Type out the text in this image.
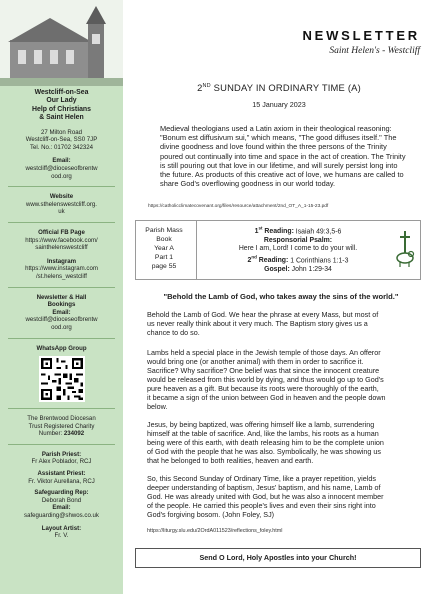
Westcliff-on-Sea
Our Lady
Help of Christians
& Saint Helen
27 Milton Road
Westcliff-on-Sea, SS0 7JP
Tel. No.: 01702 342324
Email:
westcliff@dioceseofbrentw
ood.org
Website
www.sthelenswestcliff.org.
uk
Official FB Page
https://www.facebook.com/
sainthelenswestcliff
Instagram
https://www.instagram.com
/st.helens_westcliff
Newsletter & Hall
Bookings
Email:
westcliff@dioceseofbrentw
ood.org
WhatsApp Group
The Brentwood Diocesan
Trust Registered Charity
Number: 234092
Parish Priest:
Fr Alex Poblador, RCJ
Assistant Priest:
Fr. Viktor Aurellana, RCJ
Safeguarding Rep:
Deborah Bond
Email:
safeguarding@shwos.co.uk
Layout Artist:
Fr. V.
NEWSLETTER
Saint Helen's - Westcliff
2ND SUNDAY IN ORDINARY TIME (A)
15 January 2023
Medieval theologians used a Latin axiom in their theological reasoning:
"Bonum est diffusivum sui," which means, "The good diffuses itself." The
divine goodness and love found within the three persons of the Trinity
poured out continually into time and space in the act of creation. The Trinity
is still pouring out that love in our lifetime, and will surely persist long into
the future. As products of this creative act of love, we humans are called to
share God's overflowing goodness in our world today.
https://catholicclimatecovenant.org/files/resource/attachment/2nd_OT_A_1-15-23.pdf
Parish Mass
Book
Year A
Part 1
page 55
1st Reading: Isaiah 49:3,5-6
Responsorial Psalm:
Here I am, Lord! I come to do your will.
2nd Reading: 1 Corinthians 1:1-3
Gospel: John 1:29-34
"Behold the Lamb of God, who takes away the sins of the world."
Behold the Lamb of God. We hear the phrase at every Mass, but most of
us never really think about it very much. The Baptism story gives us a
chance to do so.
Lambs held a special place in the Jewish temple of those days. An offeror
would bring one (or another animal) with them in order to sacrifice it.
Sacrifice? Why sacrifice? One belief was that since the innocent creature
would be released from this world by dying, and thus would go up to God's
pure heaven as a gift. But because its roots were thoroughly of the earth,
it became a sign of the union between God in heaven and the people down
below.
Jesus, by being baptized, was offering himself like a lamb, surrendering
himself at the table of sacrifice. And, like the lambs, his roots as a human
being were of this earth, with death releasing him to be the complete union
of God with the people that he was also. Symbolically, he was showing us
that he belonged to both realities, heaven and earth.
So, this Second Sunday of Ordinary Time, like a prayer repetition, yields
deeper understanding of baptism, Jesus' baptism, and his name, Lamb of
God. He was already united with God, but he was also a innocent member
of the people. He carried this people's lives and even their sins right into
God's forgiving bosom. (John Foley, SJ)
https://liturgy.slu.edu/2OrdA011523/reflections_foley.html
Send O Lord, Holy Apostles into your Church!
